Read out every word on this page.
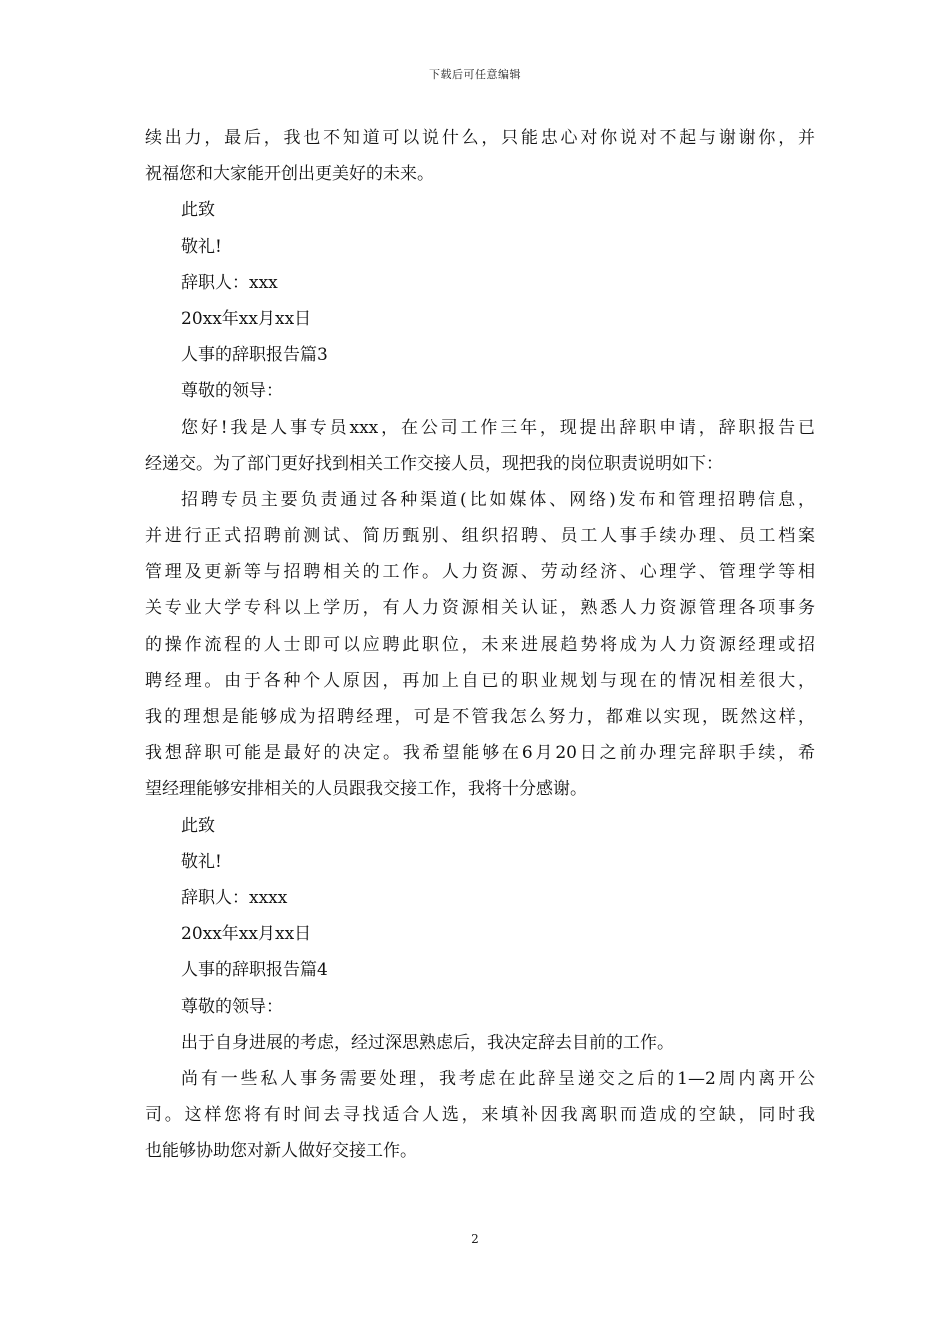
下载后可任意编辑
续出力，最后，我也不知道可以说什么，只能忠心对你说对不起与谢谢你，并
祝福您和大家能开创出更美好的未来。
此致
敬礼!
辞职人：xxx
20xx年xx月xx日
人事的辞职报告篇3
尊敬的领导：
您好!我是人事专员xxx，在公司工作三年，现提出辞职申请，辞职报告已
经递交。为了部门更好找到相关工作交接人员，现把我的岗位职责说明如下：
招聘专员主要负责通过各种渠道(比如媒体、网络)发布和管理招聘信息，
并进行正式招聘前测试、简历甄别、组织招聘、员工人事手续办理、员工档案
管理及更新等与招聘相关的工作。人力资源、劳动经济、心理学、管理学等相
关专业大学专科以上学历，有人力资源相关认证，熟悉人力资源管理各项事务
的操作流程的人士即可以应聘此职位，未来进展趋势将成为人力资源经理或招
聘经理。由于各种个人原因，再加上自已的职业规划与现在的情况相差很大，
我的理想是能够成为招聘经理，可是不管我怎么努力，都难以实现，既然这样，
我想辞职可能是最好的决定。我希望能够在6月20日之前办理完辞职手续，希
望经理能够安排相关的人员跟我交接工作，我将十分感谢。
此致
敬礼!
辞职人：xxxx
20xx年xx月xx日
人事的辞职报告篇4
尊敬的领导：
出于自身进展的考虑，经过深思熟虑后，我决定辞去目前的工作。
尚有一些私人事务需要处理，我考虑在此辞呈递交之后的1—2周内离开公
司。这样您将有时间去寻找适合人选，来填补因我离职而造成的空缺，同时我
也能够协助您对新人做好交接工作。
2
